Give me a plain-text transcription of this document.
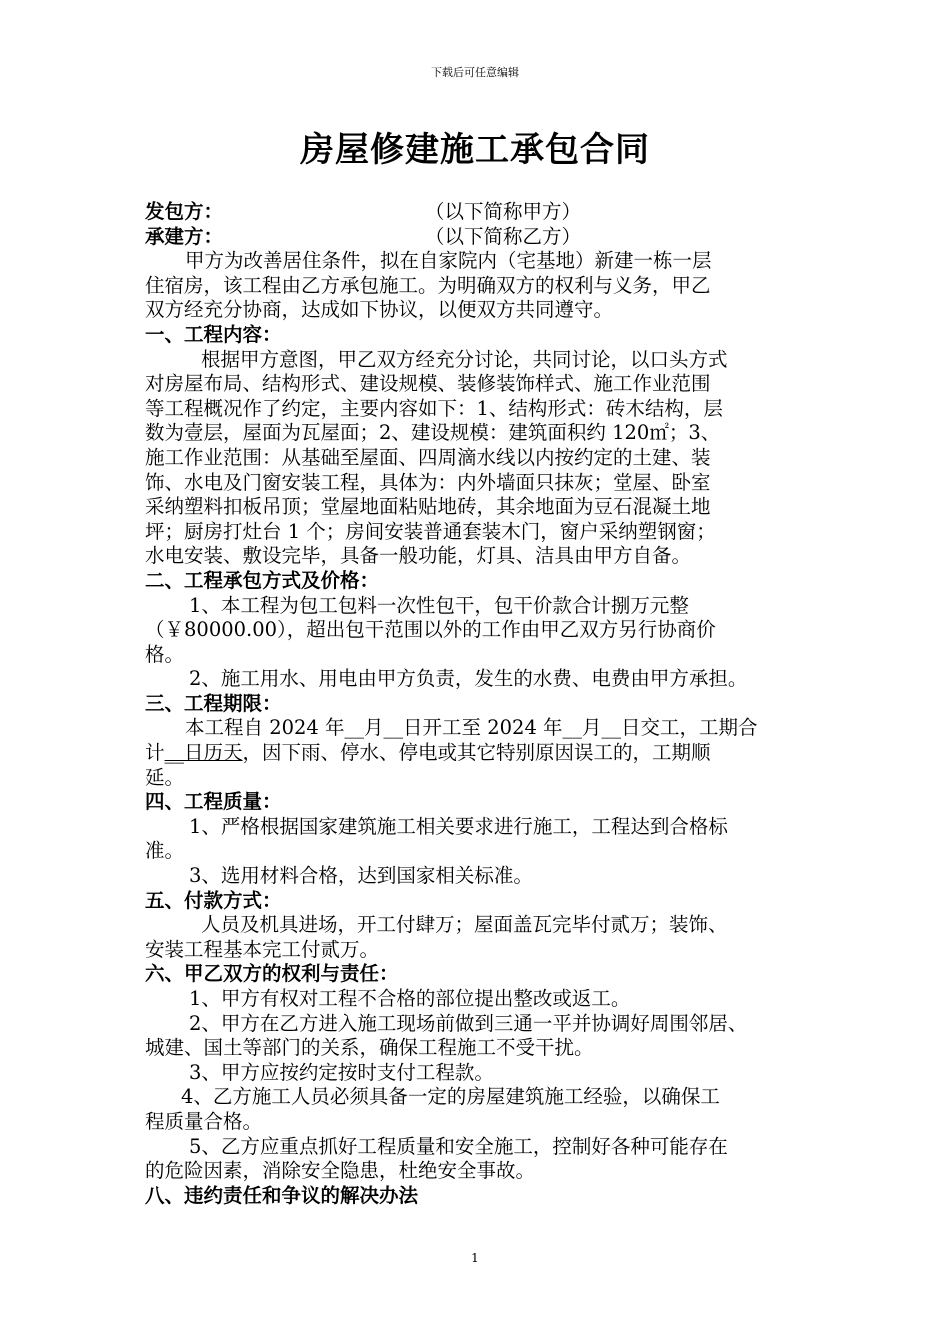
下载后可任意编辑
房屋修建施工承包合同

发包方：	（以下简称甲方）

承建方：	（以下简称乙方）

甲方为改善居住条件，拟在自家院内（宅基地）新建一栋一层

住宿房，该工程由乙方承包施工。为明确双方的权利与义务，甲乙

双方经充分协商，达成如下协议，以便双方共同遵守。

一、工程内容：

根据甲方意图，甲乙双方经充分讨论，共同讨论，以口头方式

对房屋布局、结构形式、建设规模、装修装饰样式、施工作业范围

等工程概况作了约定，主要内容如下：1、结构形式：砖木结构，层

数为壹层，屋面为瓦屋面；2、建设规模：建筑面积约 120㎡；3、

施工作业范围：从基础至屋面、四周滴水线以内按约定的土建、装

饰、水电及门窗安装工程，具体为：内外墙面只抹灰；堂屋、卧室

采纳塑料扣板吊顶；堂屋地面粘贴地砖，其余地面为豆石混凝土地

坪；厨房打灶台 1 个；房间安装普通套装木门，窗户采纳塑钢窗；

水电安装、敷设完毕，具备一般功能，灯具、洁具由甲方自备。

二、工程承包方式及价格：

1、本工程为包工包料一次性包干，包干价款合计捌万元整

（￥80000.00），超出包干范围以外的工作由甲乙双方另行协商价

格。

2、施工用水、用电由甲方负责，发生的水费、电费由甲方承担。

三、工程期限：

本工程自 2024 年__月__日开工至 2024 年__月__日交工，工期合

计__日历天，因下雨、停水、停电或其它特别原因误工的，工期顺

延。

四、工程质量：

1、严格根据国家建筑施工相关要求进行施工，工程达到合格标

准。

3、选用材料合格，达到国家相关标准。

五、付款方式：

人员及机具进场，开工付肆万；屋面盖瓦完毕付贰万；装饰、

安装工程基本完工付贰万。

六、甲乙双方的权利与责任：

1、甲方有权对工程不合格的部位提出整改或返工。

2、甲方在乙方进入施工现场前做到三通一平并协调好周围邻居、

城建、国土等部门的关系，确保工程施工不受干扰。

3、甲方应按约定按时支付工程款。

4、乙方施工人员必须具备一定的房屋建筑施工经验，以确保工

程质量合格。

5、乙方应重点抓好工程质量和安全施工，控制好各种可能存在

的危险因素，消除安全隐患，杜绝安全事故。

八、违约责任和争议的解决办法

1
